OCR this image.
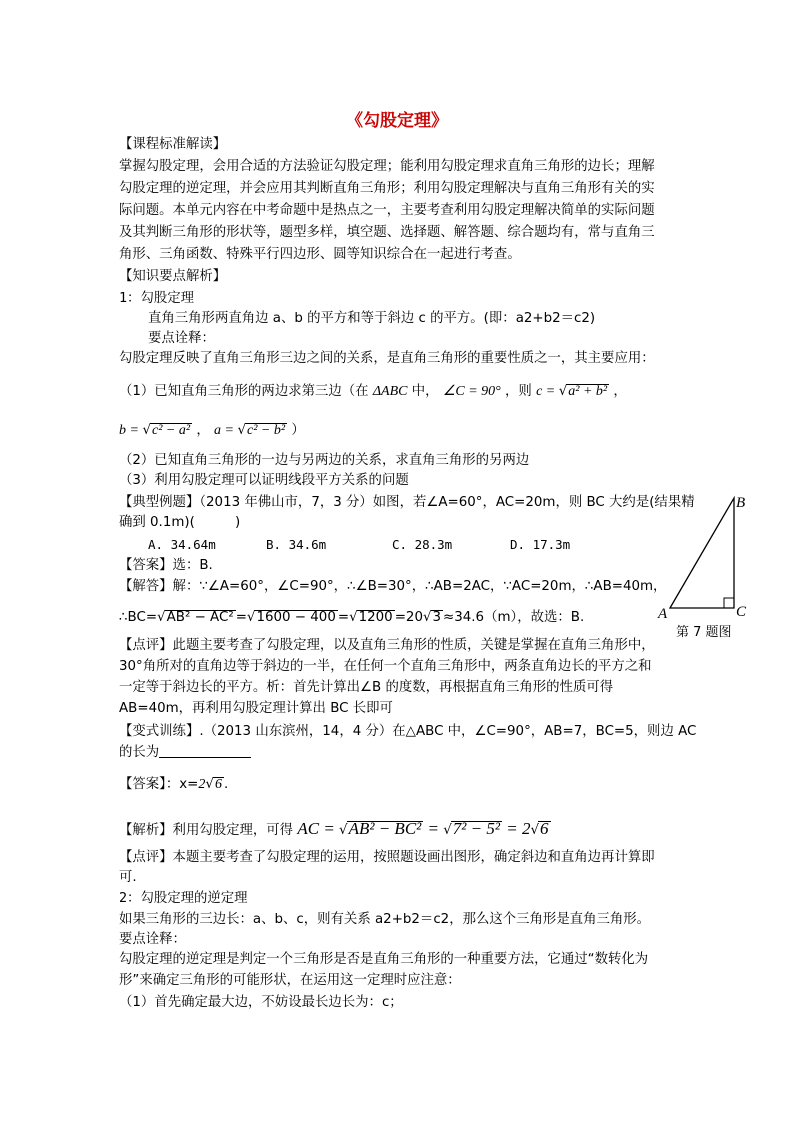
《勾股定理》
【课程标准解读】
掌握勾股定理，会用合适的方法验证勾股定理；能利用勾股定理求直角三角形的边长；理解
勾股定理的逆定理，并会应用其判断直角三角形；利用勾股定理解决与直角三角形有关的实
际问题。本单元内容在中考命题中是热点之一，主要考查利用勾股定理解决简单的实际问题
及其判断三角形的形状等，题型多样，填空题、选择题、解答题、综合题均有，常与直角三
角形、三角函数、特殊平行四边形、圆等知识综合在一起进行考查。
【知识要点解析】
1：勾股定理
直角三角形两直角边 a、b 的平方和等于斜边 c 的平方。(即：a2+b2＝c2)
要点诠释：
勾股定理反映了直角三角形三边之间的关系，是直角三角形的重要性质之一，其主要应用：
（1）已知直角三角形的两边求第三边（在 ΔABC 中， ∠C = 90° ，则 c = √a² + b² ，
b = √c² − a² ， a = √c² − b² ）
（2）已知直角三角形的一边与另两边的关系，求直角三角形的另两边
（3）利用勾股定理可以证明线段平方关系的问题
【典型例题】（2013 年佛山市，7，3 分）如图，若∠A=60°，AC=20m，则 BC 大约是(结果精
确到 0.1m)(　　　)
A. 34.64m	B. 34.6m	C. 28.3m	D. 17.3m
【答案】选：B.
【解答】解：∵∠A=60°，∠C=90°，∴∠B=30°，∴AB=2AC，∵AC=20m，∴AB=40m，
∴BC=√AB² − AC² =√1600 − 400 =√1200 =20√3 ≈34.6（m），故选：B.
【点评】此题主要考查了勾股定理，以及直角三角形的性质，关键是掌握在直角三角形中，
30°角所对的直角边等于斜边的一半，在任何一个直角三角形中，两条直角边长的平方之和
一定等于斜边长的平方。析：首先计算出∠B 的度数，再根据直角三角形的性质可得
AB=40m，再利用勾股定理计算出 BC 长即可
【变式训练】.（2013 山东滨州，14，4 分）在△ABC 中，∠C=90°，AB=7，BC=5，则边 AC
的长为
【答案】：x=2√6 .
【解析】利用勾股定理，可得 AC = √AB² − BC² = √7² − 5² = 2√6
【点评】本题主要考查了勾股定理的运用，按照题设画出图形，确定斜边和直角边再计算即
可.
2：勾股定理的逆定理
如果三角形的三边长：a、b、c，则有关系 a2+b2＝c2，那么这个三角形是直角三角形。
要点诠释：
勾股定理的逆定理是判定一个三角形是否是直角三角形的一种重要方法，它通过“数转化为
形”来确定三角形的可能形状，在运用这一定理时应注意：
（1）首先确定最大边，不妨设最长边长为：c；
A
B
C
第 7 题图
